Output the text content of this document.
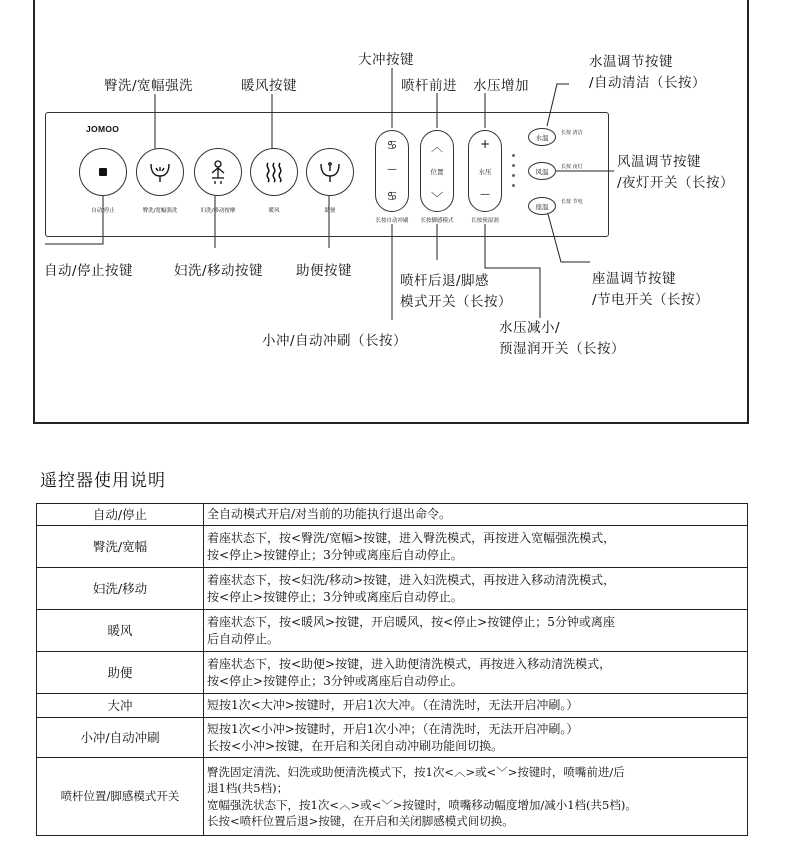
JOMOO
自动/停止	臀洗/宽幅强洗	妇洗/移动按摩	暖风	助便
♋
—
♋
长按自动冲刷
︿
位置
﹀
长按脚感模式
+
水压
—
长按预湿润
水温
长按 清洁
风温
长按 夜灯
座温
长按 节电
臀洗/宽幅强洗	暖风按键
大冲按键
喷杆前进 水压增加
水温调节按键
/自动清洁（长按）
风温调节按键
/夜灯开关（长按）
座温调节按键
/节电开关（长按）
自动/停止按键	妇洗/移动按键 助便按键
喷杆后退/脚感
模式开关（长按）
小冲/自动冲刷（长按）
水压减小/
预湿润开关（长按）
遥控器使用说明
自动/停止	全自动模式开启/对当前的功能执行退出命令。
臀洗/宽幅	着座状态下，按<臀洗/宽幅>按键，进入臀洗模式，再按进入宽幅强洗模式，
按<停止>按键停止；3分钟或离座后自动停止。
妇洗/移动	着座状态下，按<妇洗/移动>按键，进入妇洗模式，再按进入移动清洗模式，
按<停止>按键停止；3分钟或离座后自动停止。
暖风	着座状态下，按<暖风>按键，开启暖风，按<停止>按键停止；5分钟或离座
后自动停止。
助便	着座状态下，按<助便>按键，进入助便清洗模式，再按进入移动清洗模式，
按<停止>按键停止；3分钟或离座后自动停止。
大冲	短按1次<大冲>按键时，开启1次大冲。（在清洗时，无法开启冲刷。）
小冲/自动冲刷	短按1次<小冲>按键时，开启1次小冲；（在清洗时，无法开启冲刷。）
长按<小冲>按键，在开启和关闭自动冲刷功能间切换。
喷杆位置/脚感模式开关	臀洗固定清洗、妇洗或助便清洗模式下，按1次<︿>或<﹀>按键时，喷嘴前进/后
退1档(共5档)；
宽幅强洗状态下，按1次<︿>或<﹀>按键时，喷嘴移动幅度增加/减小1档(共5档)。
长按<喷杆位置后退>按键，在开启和关闭脚感模式间切换。
